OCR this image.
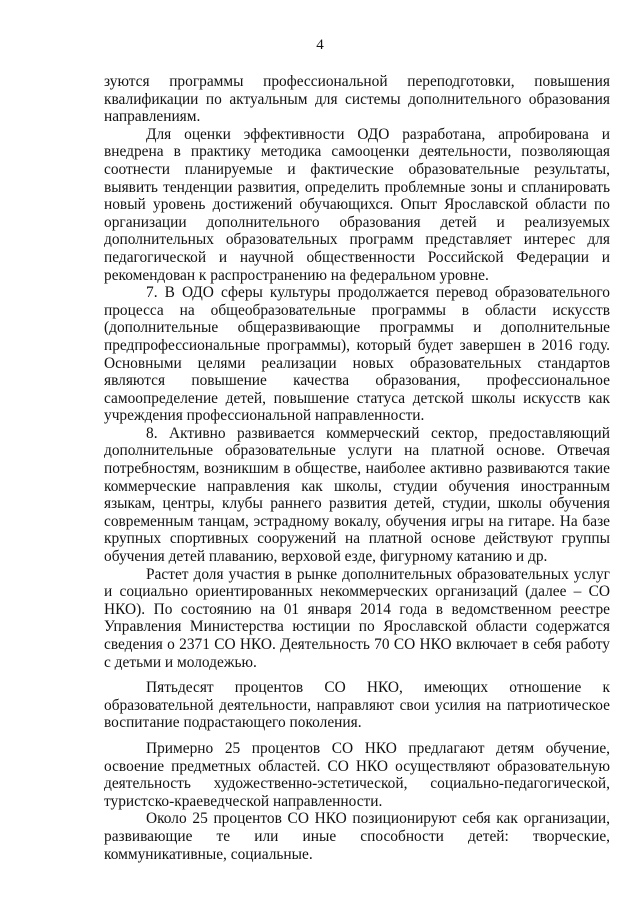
4

зуются программы профессиональной переподготовки, повышения квалификации по актуальным для системы дополнительного образования направлениям.

Для оценки эффективности ОДО разработана, апробирована и внедрена в практику методика самооценки деятельности, позволяющая соотнести планируемые и фактические образовательные результаты, выявить тенденции развития, определить проблемные зоны и спланировать новый уровень достижений обучающихся. Опыт Ярославской области по организации дополнительного образования детей и реализуемых дополнительных образовательных программ представляет интерес для педагогической и научной общественности Российской Федерации и рекомендован к распространению на федеральном уровне.

7. В ОДО сферы культуры продолжается перевод образовательного процесса на общеобразовательные программы в области искусств (дополнительные общеразвивающие программы и дополнительные предпрофессиональные программы), который будет завершен в 2016 году. Основными целями реализации новых образовательных стандартов являются повышение качества образования, профессиональное самоопределение детей, повышение статуса детской школы искусств как учреждения профессиональной направленности.

8. Активно развивается коммерческий сектор, предоставляющий дополнительные образовательные услуги на платной основе. Отвечая потребностям, возникшим в обществе, наиболее активно развиваются такие коммерческие направления как школы, студии обучения иностранным языкам, центры, клубы раннего развития детей, студии, школы обучения современным танцам, эстрадному вокалу, обучения игры на гитаре. На базе крупных спортивных сооружений на платной основе действуют группы обучения детей плаванию, верховой езде, фигурному катанию и др.

Растет доля участия в рынке дополнительных образовательных услуг и социально ориентированных некоммерческих организаций (далее – СО НКО). По состоянию на 01 января 2014 года в ведомственном реестре Управления Министерства юстиции по Ярославской области содержатся сведения о 2371 СО НКО. Деятельность 70 СО НКО включает в себя работу с детьми и молодежью.

Пятьдесят процентов СО НКО, имеющих отношение к образовательной деятельности, направляют свои усилия на патриотическое воспитание подрастающего поколения.

Примерно 25 процентов СО НКО предлагают детям обучение, освоение предметных областей. СО НКО осуществляют образовательную деятельность художественно-эстетической, социально-педагогической, туристско-краеведческой направленности.

Около 25 процентов СО НКО позиционируют себя как организации, развивающие те или иные способности детей: творческие, коммуникативные, социальные.
